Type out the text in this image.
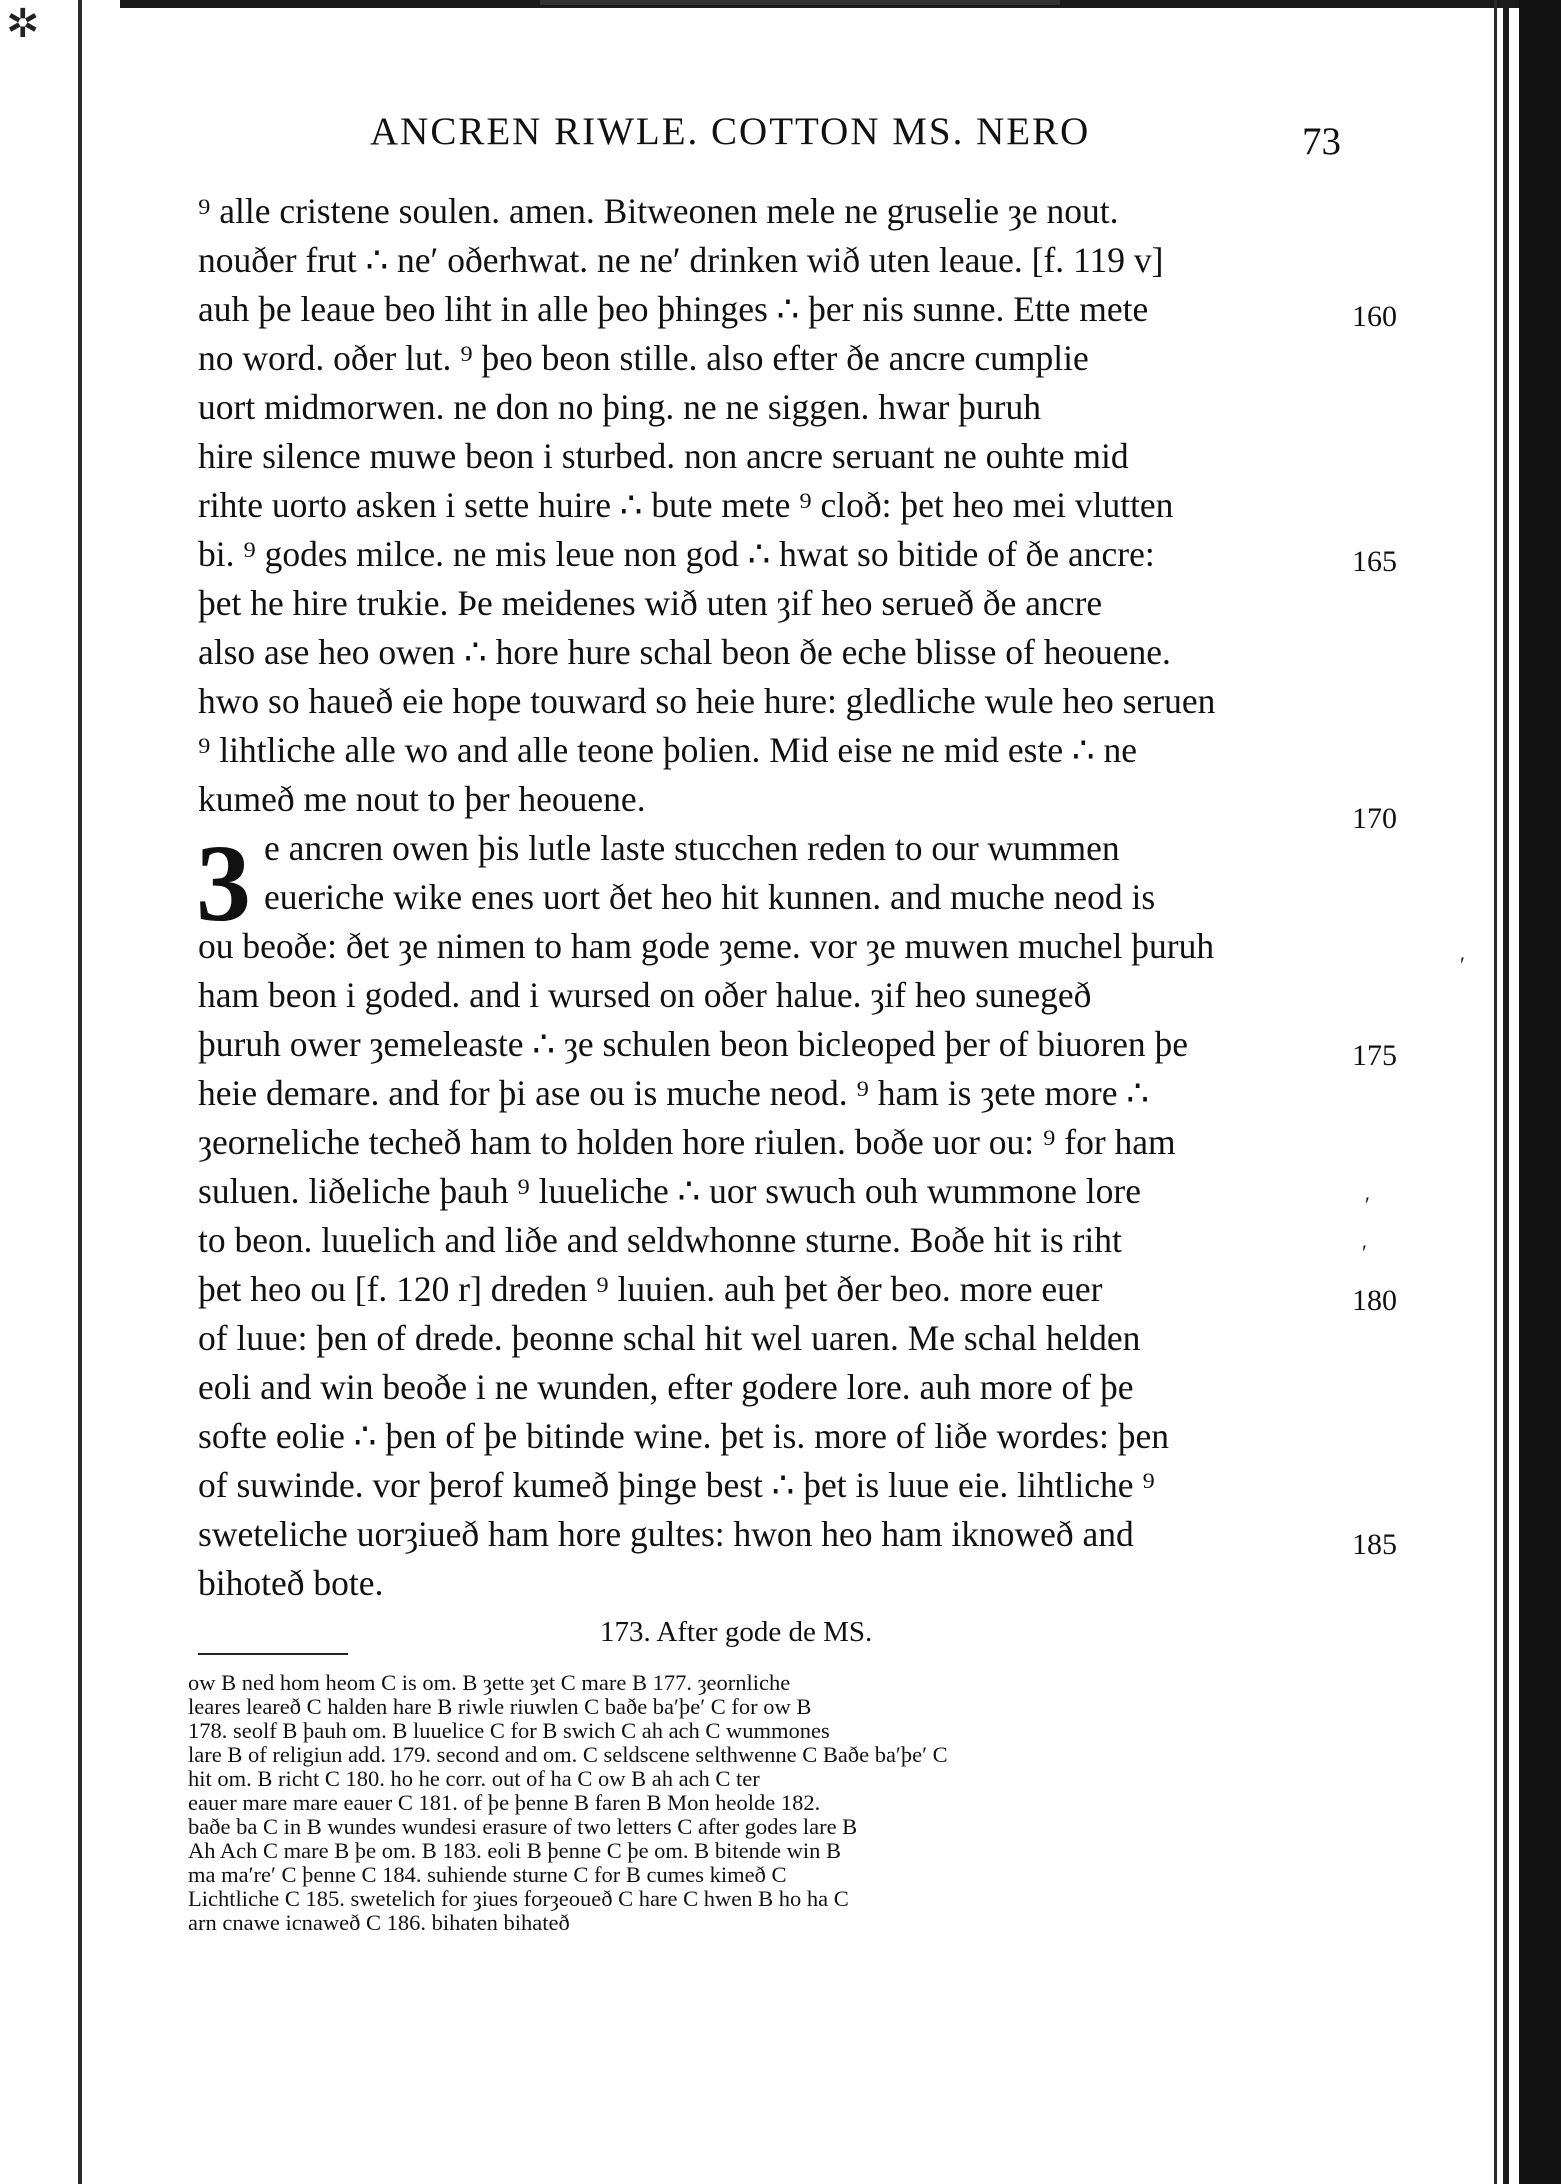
✲
ANCREN RIWLE. COTTON MS. NERO	73
3
⁹ alle cristene soulen. amen. Bitweonen mele ne gruselie ȝe nout.
nouðer frut ∴ ne′ oðerhwat. ne ne′ drinken wið uten leaue. [f. 119 v]
auh þe leaue beo liht in alle þeo þhinges ∴ þer nis sunne. Ette mete
no word. oðer lut. ⁹ þeo beon stille. also efter ðe ancre cumplie
uort midmorwen. ne don no þing. ne ne siggen. hwar þuruh
hire silence muwe beon i sturbed. non ancre seruant ne ouhte mid
rihte uorto asken i sette huire ∴ bute mete ⁹ cloð: þet heo mei vlutten
bi. ⁹ godes milce. ne mis leue non god ∴ hwat so bitide of ðe ancre:
þet he hire trukie. Þe meidenes wið uten ȝif heo serueð ðe ancre
also ase heo owen ∴ hore hure schal beon ðe eche blisse of heouene.
hwo so haueð eie hope touward so heie hure: gledliche wule heo seruen
⁹ lihtliche alle wo and alle teone þolien. Mid eise ne mid este ∴ ne
kumeð me nout to þer heouene.
e ancren owen þis lutle laste stucchen reden to our wummen
eueriche wike enes uort ðet heo hit kunnen. and muche neod is
ou beoðe: ðet ȝe nimen to ham gode ȝeme. vor ȝe muwen muchel þuruh
ham beon i goded. and i wursed on oðer halue. ȝif heo sunegeð
þuruh ower ȝemeleaste ∴ ȝe schulen beon bicleoped þer of biuoren þe
heie demare. and for þi ase ou is muche neod. ⁹ ham is ȝete more ∴
ȝeorneliche techeð ham to holden hore riulen. boðe uor ou: ⁹ for ham
suluen. liðeliche þauh ⁹ luueliche ∴ uor swuch ouh wummone lore
to beon. luuelich and liðe and seldwhonne sturne. Boðe hit is riht
þet heo ou [f. 120 r] dreden ⁹ luuien. auh þet ðer beo. more euer
of luue: þen of drede. þeonne schal hit wel uaren. Me schal helden
eoli and win beoðe i ne wunden, efter godere lore. auh more of þe
softe eolie ∴ þen of þe bitinde wine. þet is. more of liðe wordes: þen
of suwinde. vor þerof kumeð þinge best ∴ þet is luue eie. lihtliche ⁹
sweteliche uorȝiueð ham hore gultes: hwon heo ham iknoweð and
bihoteð bote.
160
165
170
175
180
185
′
′
′
173. After gode de MS.
ow B ned hom heom C is om. B ȝette ȝet C mare B 177. ȝeornliche
leares leareð C halden hare B riwle riuwlen C baðe ba′þe′ C for ow B
178. seolf B þauh om. B luuelice C for B swich C ah ach C wummones
lare B of religiun add. 179. second and om. C seldscene selthwenne C Baðe ba′þe′ C
hit om. B richt C 180. ho he corr. out of ha C ow B ah ach C ter
eauer mare mare eauer C 181. of þe þenne B faren B Mon heolde 182.
baðe ba C in B wundes wundesi erasure of two letters C after godes lare B
Ah Ach C mare B þe om. B 183. eoli B þenne C þe om. B bitende win B
ma ma′re′ C þenne C 184. suhiende sturne C for B cumes kimeð C
Lichtliche C 185. swetelich for ȝiues forȝeoueð C hare C hwen B ho ha C
arn cnawe icnaweð C 186. bihaten bihateð
